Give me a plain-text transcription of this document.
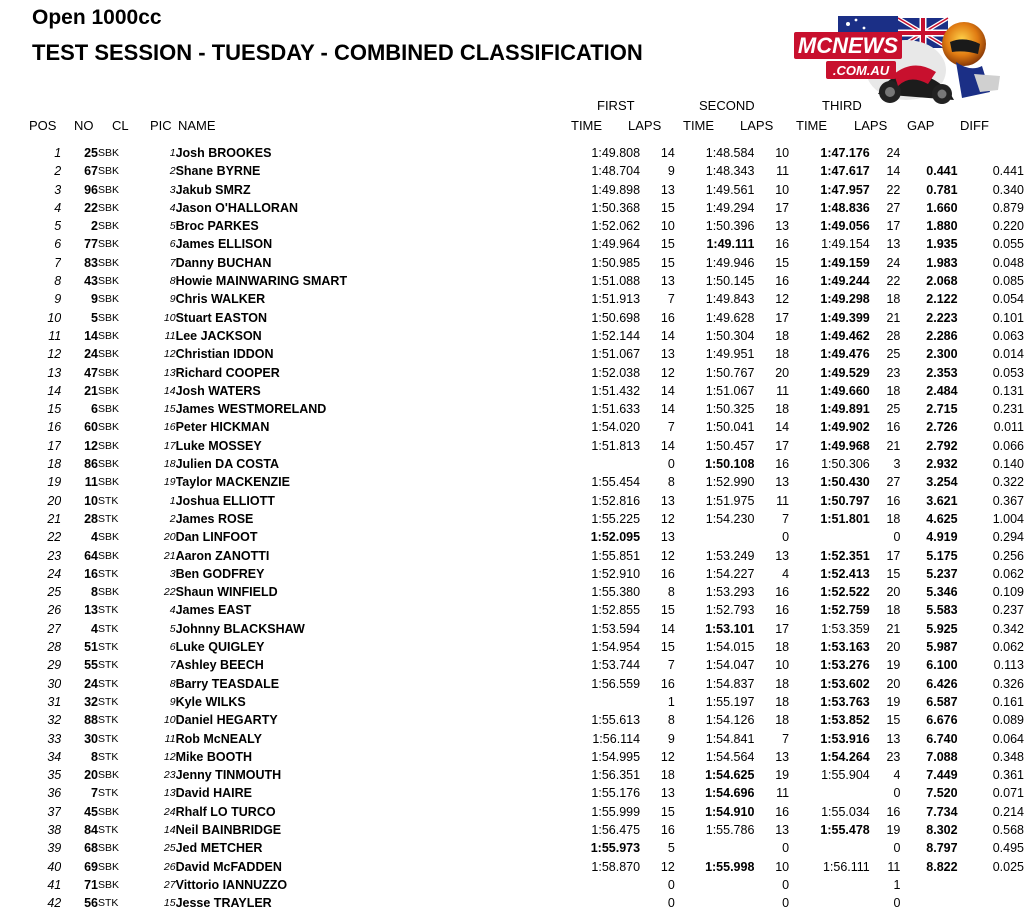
Open 1000cc
TEST SESSION - TUESDAY - COMBINED CLASSIFICATION	MCNEWS
.COM.AU
FIRST	SECOND	THIRD
POS NO CL PIC NAME	TIME LAPS TIME LAPS TIME LAPS GAP DIFF
1	25	SBK	1	Josh BROOKES	1:49.808	14	1:48.584	10	1:47.176	24		
2	67	SBK	2	Shane BYRNE	1:48.704	9	1:48.343	11	1:47.617	14	0.441	0.441
3	96	SBK	3	Jakub SMRZ	1:49.898	13	1:49.561	10	1:47.957	22	0.781	0.340
4	22	SBK	4	Jason O'HALLORAN	1:50.368	15	1:49.294	17	1:48.836	27	1.660	0.879
5	2	SBK	5	Broc PARKES	1:52.062	10	1:50.396	13	1:49.056	17	1.880	0.220
6	77	SBK	6	James ELLISON	1:49.964	15	1:49.111	16	1:49.154	13	1.935	0.055
7	83	SBK	7	Danny BUCHAN	1:50.985	15	1:49.946	15	1:49.159	24	1.983	0.048
8	43	SBK	8	Howie MAINWARING SMART	1:51.088	13	1:50.145	16	1:49.244	22	2.068	0.085
9	9	SBK	9	Chris WALKER	1:51.913	7	1:49.843	12	1:49.298	18	2.122	0.054
10	5	SBK	10	Stuart EASTON	1:50.698	16	1:49.628	17	1:49.399	21	2.223	0.101
11	14	SBK	11	Lee JACKSON	1:52.144	14	1:50.304	18	1:49.462	28	2.286	0.063
12	24	SBK	12	Christian IDDON	1:51.067	13	1:49.951	18	1:49.476	25	2.300	0.014
13	47	SBK	13	Richard COOPER	1:52.038	12	1:50.767	20	1:49.529	23	2.353	0.053
14	21	SBK	14	Josh WATERS	1:51.432	14	1:51.067	11	1:49.660	18	2.484	0.131
15	6	SBK	15	James WESTMORELAND	1:51.633	14	1:50.325	18	1:49.891	25	2.715	0.231
16	60	SBK	16	Peter HICKMAN	1:54.020	7	1:50.041	14	1:49.902	16	2.726	0.011
17	12	SBK	17	Luke MOSSEY	1:51.813	14	1:50.457	17	1:49.968	21	2.792	0.066
18	86	SBK	18	Julien DA COSTA		0	1:50.108	16	1:50.306	3	2.932	0.140
19	11	SBK	19	Taylor MACKENZIE	1:55.454	8	1:52.990	13	1:50.430	27	3.254	0.322
20	10	STK	1	Joshua ELLIOTT	1:52.816	13	1:51.975	11	1:50.797	16	3.621	0.367
21	28	STK	2	James ROSE	1:55.225	12	1:54.230	7	1:51.801	18	4.625	1.004
22	4	SBK	20	Dan LINFOOT	1:52.095	13		0		0	4.919	0.294
23	64	SBK	21	Aaron ZANOTTI	1:55.851	12	1:53.249	13	1:52.351	17	5.175	0.256
24	16	STK	3	Ben GODFREY	1:52.910	16	1:54.227	4	1:52.413	15	5.237	0.062
25	8	SBK	22	Shaun WINFIELD	1:55.380	8	1:53.293	16	1:52.522	20	5.346	0.109
26	13	STK	4	James EAST	1:52.855	15	1:52.793	16	1:52.759	18	5.583	0.237
27	4	STK	5	Johnny BLACKSHAW	1:53.594	14	1:53.101	17	1:53.359	21	5.925	0.342
28	51	STK	6	Luke QUIGLEY	1:54.954	15	1:54.015	18	1:53.163	20	5.987	0.062
29	55	STK	7	Ashley BEECH	1:53.744	7	1:54.047	10	1:53.276	19	6.100	0.113
30	24	STK	8	Barry TEASDALE	1:56.559	16	1:54.837	18	1:53.602	20	6.426	0.326
31	32	STK	9	Kyle WILKS		1	1:55.197	18	1:53.763	19	6.587	0.161
32	88	STK	10	Daniel HEGARTY	1:55.613	8	1:54.126	18	1:53.852	15	6.676	0.089
33	30	STK	11	Rob McNEALY	1:56.114	9	1:54.841	7	1:53.916	13	6.740	0.064
34	8	STK	12	Mike BOOTH	1:54.995	12	1:54.564	13	1:54.264	23	7.088	0.348
35	20	SBK	23	Jenny TINMOUTH	1:56.351	18	1:54.625	19	1:55.904	4	7.449	0.361
36	7	STK	13	David HAIRE	1:55.176	13	1:54.696	11		0	7.520	0.071
37	45	SBK	24	Rhalf LO TURCO	1:55.999	15	1:54.910	16	1:55.034	16	7.734	0.214
38	84	STK	14	Neil BAINBRIDGE	1:56.475	16	1:55.786	13	1:55.478	19	8.302	0.568
39	68	SBK	25	Jed METCHER	1:55.973	5		0		0	8.797	0.495
40	69	SBK	26	David McFADDEN	1:58.870	12	1:55.998	10	1:56.111	11	8.822	0.025
41	71	SBK	27	Vittorio IANNUZZO		0		0		1		
42	56	STK	15	Jesse TRAYLER		0		0		0		
